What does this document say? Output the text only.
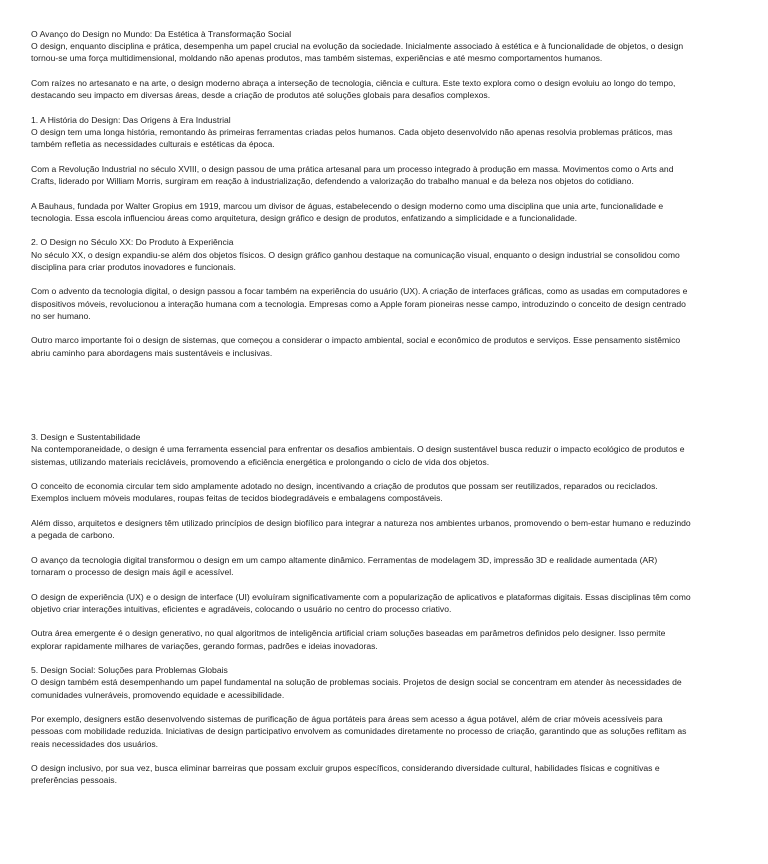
O Avanço do Design no Mundo: Da Estética à Transformação Social
O design, enquanto disciplina e prática, desempenha um papel crucial na evolução da sociedade. Inicialmente associado à estética e à funcionalidade de objetos, o design tornou-se uma força multidimensional, moldando não apenas produtos, mas também sistemas, experiências e até mesmo comportamentos humanos.

Com raízes no artesanato e na arte, o design moderno abraça a interseção de tecnologia, ciência e cultura. Este texto explora como o design evoluiu ao longo do tempo, destacando seu impacto em diversas áreas, desde a criação de produtos até soluções globais para desafios complexos.

1. A História do Design: Das Origens à Era Industrial
O design tem uma longa história, remontando às primeiras ferramentas criadas pelos humanos. Cada objeto desenvolvido não apenas resolvia problemas práticos, mas também refletia as necessidades culturais e estéticas da época.

Com a Revolução Industrial no século XVIII, o design passou de uma prática artesanal para um processo integrado à produção em massa. Movimentos como o Arts and Crafts, liderado por William Morris, surgiram em reação à industrialização, defendendo a valorização do trabalho manual e da beleza nos objetos do cotidiano.

A Bauhaus, fundada por Walter Gropius em 1919, marcou um divisor de águas, estabelecendo o design moderno como uma disciplina que unia arte, funcionalidade e tecnologia. Essa escola influenciou áreas como arquitetura, design gráfico e design de produtos, enfatizando a simplicidade e a funcionalidade.

2. O Design no Século XX: Do Produto à Experiência
No século XX, o design expandiu-se além dos objetos físicos. O design gráfico ganhou destaque na comunicação visual, enquanto o design industrial se consolidou como disciplina para criar produtos inovadores e funcionais.

Com o advento da tecnologia digital, o design passou a focar também na experiência do usuário (UX). A criação de interfaces gráficas, como as usadas em computadores e dispositivos móveis, revolucionou a interação humana com a tecnologia. Empresas como a Apple foram pioneiras nesse campo, introduzindo o conceito de design centrado no ser humano.

Outro marco importante foi o design de sistemas, que começou a considerar o impacto ambiental, social e econômico de produtos e serviços. Esse pensamento sistêmico abriu caminho para abordagens mais sustentáveis e inclusivas.

3. Design e Sustentabilidade
Na contemporaneidade, o design é uma ferramenta essencial para enfrentar os desafios ambientais. O design sustentável busca reduzir o impacto ecológico de produtos e sistemas, utilizando materiais recicláveis, promovendo a eficiência energética e prolongando o ciclo de vida dos objetos.

O conceito de economia circular tem sido amplamente adotado no design, incentivando a criação de produtos que possam ser reutilizados, reparados ou reciclados. Exemplos incluem móveis modulares, roupas feitas de tecidos biodegradáveis e embalagens compostáveis.

Além disso, arquitetos e designers têm utilizado princípios de design biofílico para integrar a natureza nos ambientes urbanos, promovendo o bem-estar humano e reduzindo a pegada de carbono.

O avanço da tecnologia digital transformou o design em um campo altamente dinâmico. Ferramentas de modelagem 3D, impressão 3D e realidade aumentada (AR) tornaram o processo de design mais ágil e acessível.

O design de experiência (UX) e o design de interface (UI) evoluíram significativamente com a popularização de aplicativos e plataformas digitais. Essas disciplinas têm como objetivo criar interações intuitivas, eficientes e agradáveis, colocando o usuário no centro do processo criativo.

Outra área emergente é o design generativo, no qual algoritmos de inteligência artificial criam soluções baseadas em parâmetros definidos pelo designer. Isso permite explorar rapidamente milhares de variações, gerando formas, padrões e ideias inovadoras.

5. Design Social: Soluções para Problemas Globais
O design também está desempenhando um papel fundamental na solução de problemas sociais. Projetos de design social se concentram em atender às necessidades de comunidades vulneráveis, promovendo equidade e acessibilidade.

Por exemplo, designers estão desenvolvendo sistemas de purificação de água portáteis para áreas sem acesso a água potável, além de criar móveis acessíveis para pessoas com mobilidade reduzida. Iniciativas de design participativo envolvem as comunidades diretamente no processo de criação, garantindo que as soluções reflitam as reais necessidades dos usuários.

O design inclusivo, por sua vez, busca eliminar barreiras que possam excluir grupos específicos, considerando diversidade cultural, habilidades físicas e cognitivas e preferências pessoais.
